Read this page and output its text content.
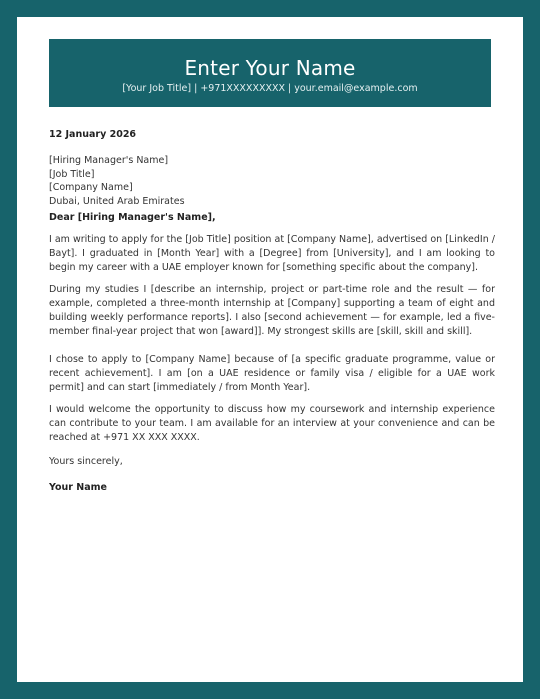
Enter Your Name
[Your Job Title] | +971XXXXXXXXX | your.email@example.com
12 January 2026
[Hiring Manager's Name]
[Job Title]
[Company Name]
Dubai, United Arab Emirates
Dear [Hiring Manager's Name],
I am writing to apply for the [Job Title] position at [Company Name], advertised on [LinkedIn / Bayt]. I graduated in [Month Year] with a [Degree] from [University], and I am looking to begin my career with a UAE employer known for [something specific about the company].
During my studies I [describe an internship, project or part-time role and the result — for example, completed a three-month internship at [Company] supporting a team of eight and building weekly performance reports]. I also [second achievement — for example, led a five-member final-year project that won [award]]. My strongest skills are [skill, skill and skill].
I chose to apply to [Company Name] because of [a specific graduate programme, value or recent achievement]. I am [on a UAE residence or family visa / eligible for a UAE work permit] and can start [immediately / from Month Year].
I would welcome the opportunity to discuss how my coursework and internship experience can contribute to your team. I am available for an interview at your convenience and can be reached at +971 XX XXX XXXX.
Yours sincerely,
Your Name
